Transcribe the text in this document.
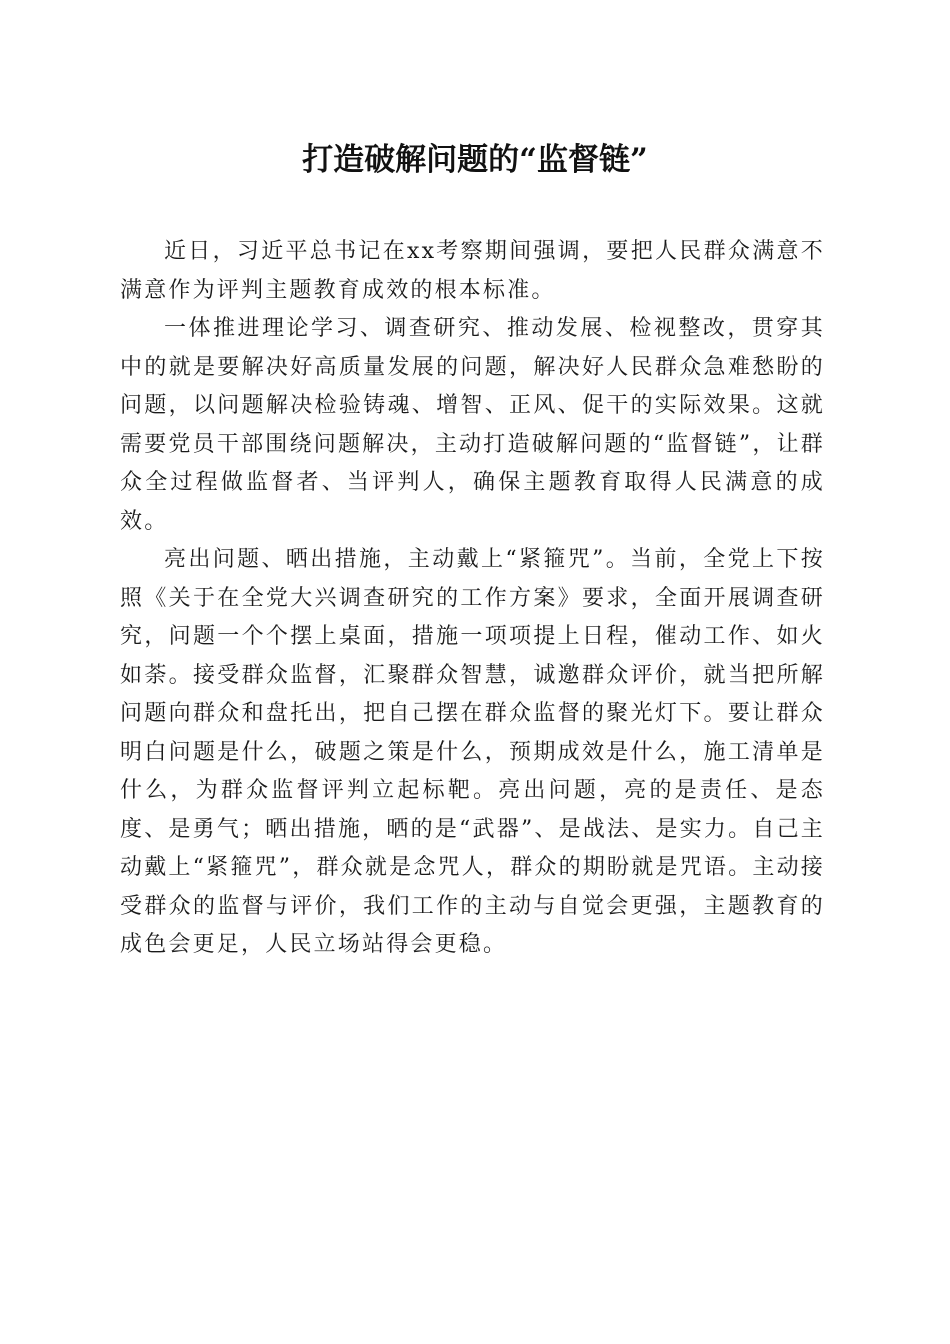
打造破解问题的“监督链”

近日，习近平总书记在xx考察期间强调，要把人民群众满意不满意作为评判主题教育成效的根本标准。

一体推进理论学习、调查研究、推动发展、检视整改，贯穿其中的就是要解决好高质量发展的问题，解决好人民群众急难愁盼的问题，以问题解决检验铸魂、增智、正风、促干的实际效果。这就需要党员干部围绕问题解决，主动打造破解问题的“监督链”，让群众全过程做监督者、当评判人，确保主题教育取得人民满意的成效。

亮出问题、晒出措施，主动戴上“紧箍咒”。当前，全党上下按照《关于在全党大兴调查研究的工作方案》要求，全面开展调查研究，问题一个个摆上桌面，措施一项项提上日程，催动工作、如火如荼。接受群众监督，汇聚群众智慧，诚邀群众评价，就当把所解问题向群众和盘托出，把自己摆在群众监督的聚光灯下。要让群众明白问题是什么，破题之策是什么，预期成效是什么，施工清单是什么，为群众监督评判立起标靶。亮出问题，亮的是责任、是态度、是勇气；晒出措施，晒的是“武器”、是战法、是实力。自己主动戴上“紧箍咒”，群众就是念咒人，群众的期盼就是咒语。主动接受群众的监督与评价，我们工作的主动与自觉会更强，主题教育的成色会更足，人民立场站得会更稳。
